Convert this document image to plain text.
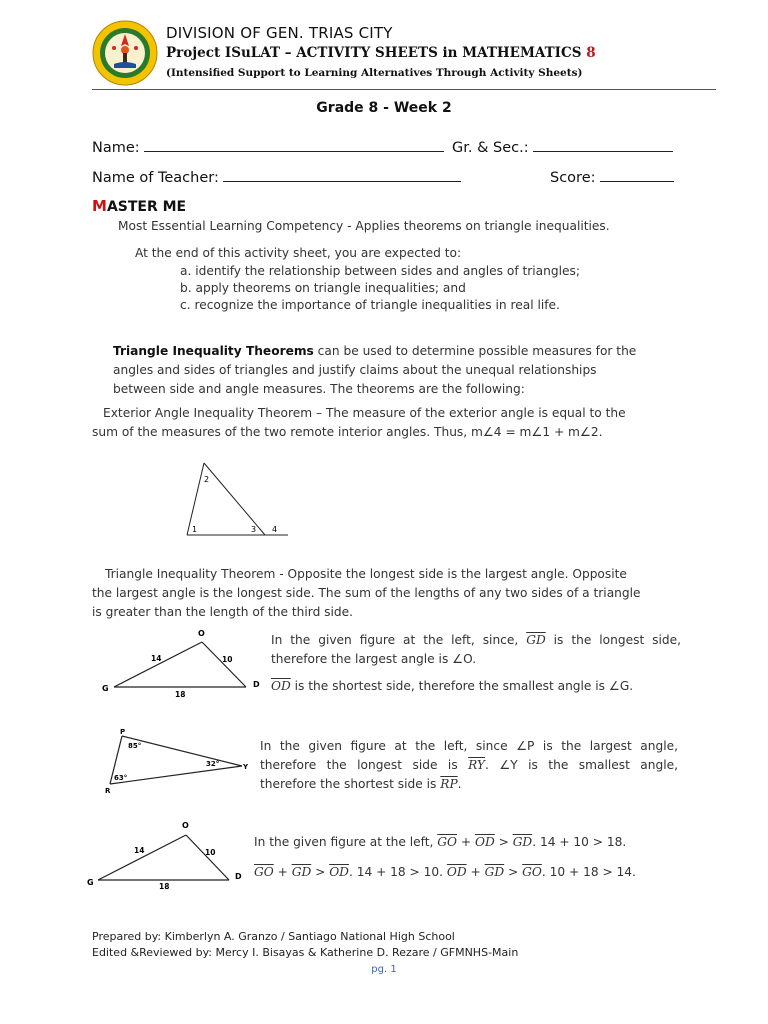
DIVISION OF GEN. TRIAS CITY
Project ISuLAT – ACTIVITY SHEETS in MATHEMATICS 8
(Intensified Support to Learning Alternatives Through Activity Sheets)
Grade 8 - Week 2
Name:	Gr. & Sec.:
Name of Teacher:	Score:
MASTER ME
Most Essential Learning Competency - Applies theorems on triangle inequalities.
At the end of this activity sheet, you are expected to:
a. identify the relationship between sides and angles of triangles;
b. apply theorems on triangle inequalities; and
c. recognize the importance of triangle inequalities in real life.
Triangle Inequality Theorems can be used to determine possible measures for the
angles and sides of triangles and justify claims about the unequal relationships
between side and angle measures. The theorems are the following:
Exterior Angle Inequality Theorem – The measure of the exterior angle is equal to the
sum of the measures of the two remote interior angles. Thus, m∠4 = m∠1 + m∠2.
1
2
3 4
Triangle Inequality Theorem - Opposite the longest side is the largest angle. Opposite
the largest angle is the longest side. The sum of the lengths of any two sides of a triangle
is greater than the length of the third side.
O
G	D
14	10
18
In the given figure at the left, since, $\overline{GD}$ is the longest side,
therefore the largest angle is ∠O.
$\overline{OD}$ is the shortest side, therefore the smallest angle is ∠G.
P
Y
R
85°
32°
63°
In the given figure at the left, since ∠P is the largest angle,
therefore the longest side is $\overline{RY}$. ∠Y is the smallest angle,
therefore the shortest side is $\overline{RP}$.
O
G
D
14	10
18
In the given figure at the left, $\overline{GO} + \overline{OD} > \overline{GD}$. 14 + 10 > 18.
$\overline{GO} + \overline{GD} > \overline{OD}$. 14 + 18 > 10. $\overline{OD} + \overline{GD} > \overline{GO}$. 10 + 18 > 14.
Prepared by: Kimberlyn A. Granzo / Santiago National High School
Edited &Reviewed by: Mercy I. Bisayas & Katherine D. Rezare / GFMNHS-Main
pg. 1
